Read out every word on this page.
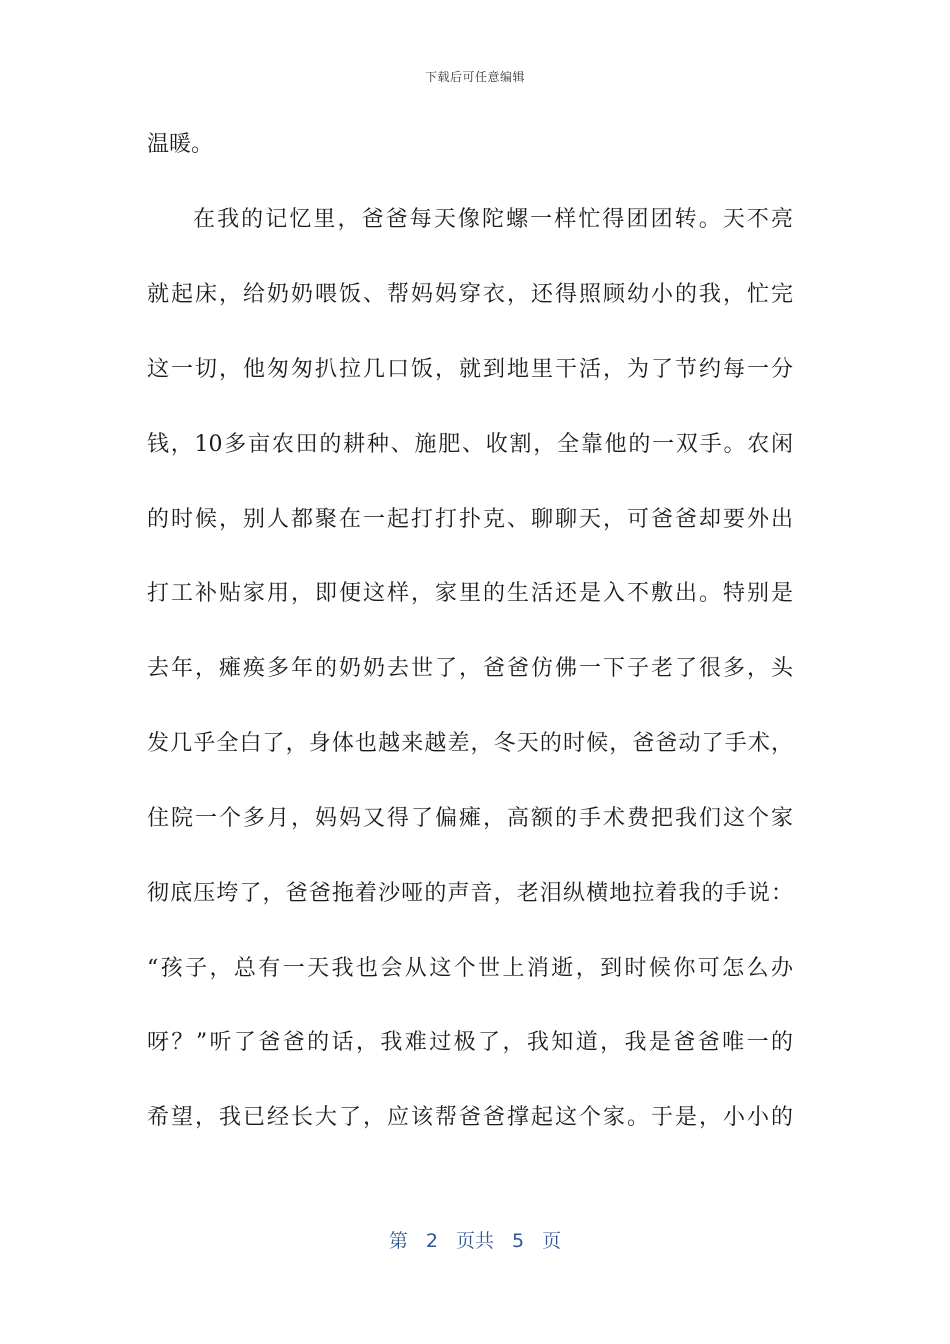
下载后可任意编辑
温暖。
在我的记忆里，爸爸每天像陀螺一样忙得团团转。天不亮
就起床，给奶奶喂饭、帮妈妈穿衣，还得照顾幼小的我，忙完
这一切，他匆匆扒拉几口饭，就到地里干活，为了节约每一分
钱，10多亩农田的耕种、施肥、收割，全靠他的一双手。农闲
的时候，别人都聚在一起打打扑克、聊聊天，可爸爸却要外出
打工补贴家用，即便这样，家里的生活还是入不敷出。特别是
去年，瘫痪多年的奶奶去世了，爸爸仿佛一下子老了很多，头
发几乎全白了，身体也越来越差，冬天的时候，爸爸动了手术，
住院一个多月，妈妈又得了偏瘫，高额的手术费把我们这个家
彻底压垮了，爸爸拖着沙哑的声音，老泪纵横地拉着我的手说：
“孩子，总有一天我也会从这个世上消逝，到时候你可怎么办
呀？”听了爸爸的话，我难过极了，我知道，我是爸爸唯一的
希望，我已经长大了，应该帮爸爸撑起这个家。于是，小小的
第 2 页共 5 页
